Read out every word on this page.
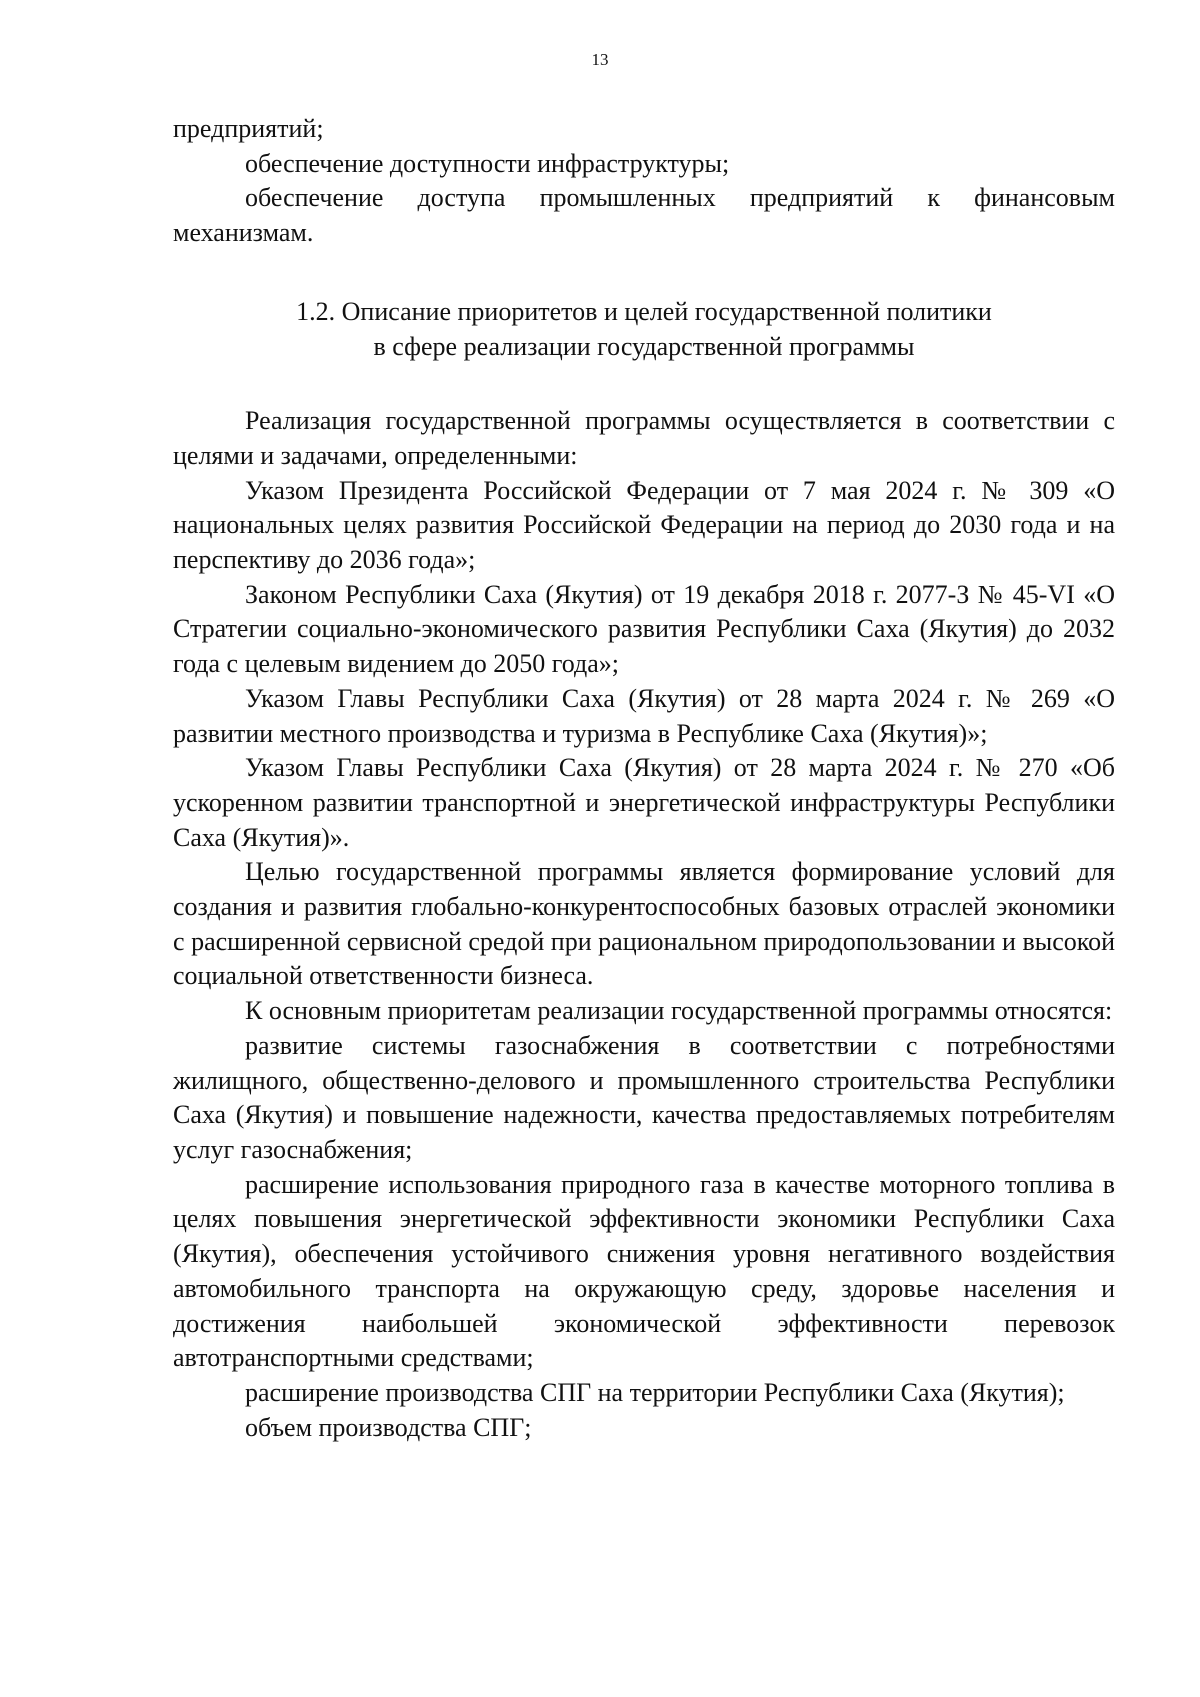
13

предприятий;

обеспечение доступности инфраструктуры;

обеспечение доступа промышленных предприятий к финансовым механизмам.

1.2. Описание приоритетов и целей государственной политики
в сфере реализации государственной программы

Реализация государственной программы осуществляется в соответствии с целями и задачами, определенными:

Указом Президента Российской Федерации от 7 мая 2024 г. № 309 «О национальных целях развития Российской Федерации на период до 2030 года и на перспективу до 2036 года»;

Законом Республики Саха (Якутия) от 19 декабря 2018 г. 2077-З № 45-VI «О Стратегии социально-экономического развития Республики Саха (Якутия) до 2032 года с целевым видением до 2050 года»;

Указом Главы Республики Саха (Якутия) от 28 марта 2024 г. № 269 «О развитии местного производства и туризма в Республике Саха (Якутия)»;

Указом Главы Республики Саха (Якутия) от 28 марта 2024 г. № 270 «Об ускоренном развитии транспортной и энергетической инфраструктуры Республики Саха (Якутия)».

Целью государственной программы является формирование условий для создания и развития глобально-конкурентоспособных базовых отраслей экономики с расширенной сервисной средой при рациональном природопользовании и высокой социальной ответственности бизнеса.

К основным приоритетам реализации государственной программы относятся:

развитие системы газоснабжения в соответствии с потребностями жилищного, общественно-делового и промышленного строительства Республики Саха (Якутия) и повышение надежности, качества предоставляемых потребителям услуг газоснабжения;

расширение использования природного газа в качестве моторного топлива в целях повышения энергетической эффективности экономики Республики Саха (Якутия), обеспечения устойчивого снижения уровня негативного воздействия автомобильного транспорта на окружающую среду, здоровье населения и достижения наибольшей экономической эффективности перевозок автотранспортными средствами;

расширение производства СПГ на территории Республики Саха (Якутия);

объем производства СПГ;
